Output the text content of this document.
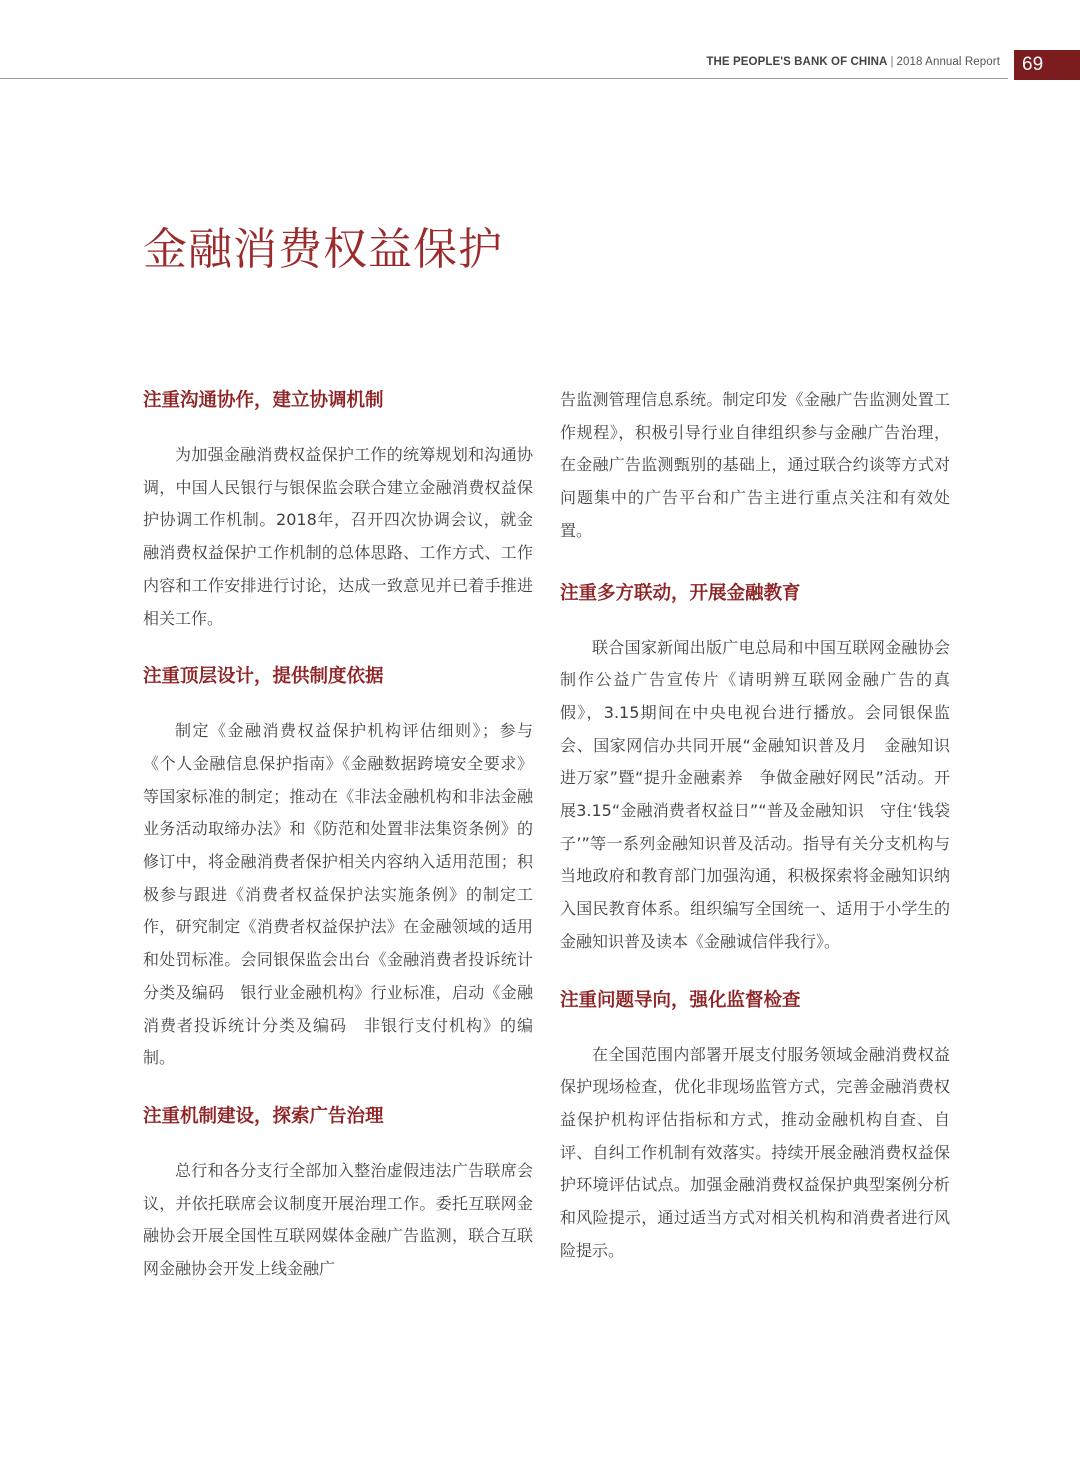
THE PEOPLE'S BANK OF CHINA | 2018 Annual Report	69
金融消费权益保护
注重沟通协作，建立协调机制

为加强金融消费权益保护工作的统筹规划和沟通协调，中国人民银行与银保监会联合建立金融消费权益保护协调工作机制。2018年，召开四次协调会议，就金融消费权益保护工作机制的总体思路、工作方式、工作内容和工作安排进行讨论，达成一致意见并已着手推进相关工作。

注重顶层设计，提供制度依据

制定《金融消费权益保护机构评估细则》；参与《个人金融信息保护指南》《金融数据跨境安全要求》等国家标准的制定；推动在《非法金融机构和非法金融业务活动取缔办法》和《防范和处置非法集资条例》的修订中，将金融消费者保护相关内容纳入适用范围；积极参与跟进《消费者权益保护法实施条例》的制定工作，研究制定《消费者权益保护法》在金融领域的适用和处罚标准。会同银保监会出台《金融消费者投诉统计分类及编码　银行业金融机构》行业标准，启动《金融消费者投诉统计分类及编码　非银行支付机构》的编制。

注重机制建设，探索广告治理

总行和各分支行全部加入整治虚假违法广告联席会议，并依托联席会议制度开展治理工作。委托互联网金融协会开展全国性互联网媒体金融广告监测，联合互联网金融协会开发上线金融广

告监测管理信息系统。制定印发《金融广告监测处置工作规程》，积极引导行业自律组织参与金融广告治理，在金融广告监测甄别的基础上，通过联合约谈等方式对问题集中的广告平台和广告主进行重点关注和有效处置。

注重多方联动，开展金融教育

联合国家新闻出版广电总局和中国互联网金融协会制作公益广告宣传片《请明辨互联网金融广告的真假》，3.15期间在中央电视台进行播放。会同银保监会、国家网信办共同开展“金融知识普及月　金融知识进万家”暨“提升金融素养　争做金融好网民”活动。开展3.15“金融消费者权益日”“普及金融知识　守住‘钱袋子’”等一系列金融知识普及活动。指导有关分支机构与当地政府和教育部门加强沟通，积极探索将金融知识纳入国民教育体系。组织编写全国统一、适用于小学生的金融知识普及读本《金融诚信伴我行》。

注重问题导向，强化监督检查

在全国范围内部署开展支付服务领域金融消费权益保护现场检查，优化非现场监管方式，完善金融消费权益保护机构评估指标和方式，推动金融机构自查、自评、自纠工作机制有效落实。持续开展金融消费权益保护环境评估试点。加强金融消费权益保护典型案例分析和风险提示，通过适当方式对相关机构和消费者进行风险提示。
